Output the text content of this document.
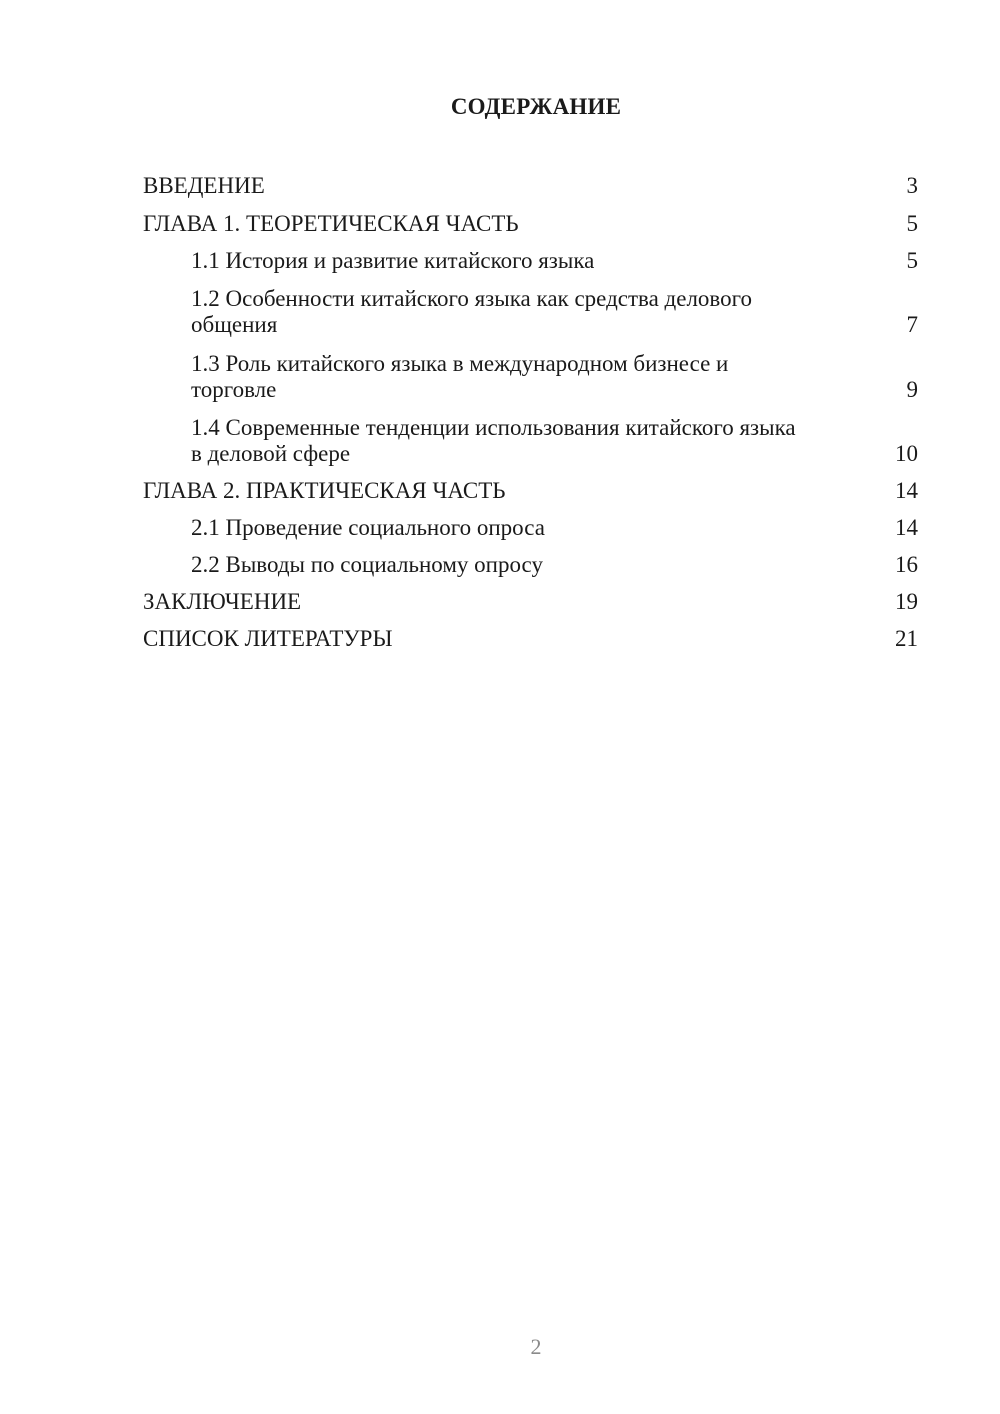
СОДЕРЖАНИЕ
ВВЕДЕНИЕ	3
ГЛАВА 1. ТЕОРЕТИЧЕСКАЯ ЧАСТЬ	5
1.1 История и развитие китайского языка	5
1.2 Особенности китайского языка как средства делового общения	7
1.3 Роль китайского языка в международном бизнесе и торговле	9
1.4 Современные тенденции использования китайского языка в деловой сфере	10
ГЛАВА 2. ПРАКТИЧЕСКАЯ ЧАСТЬ	14
2.1 Проведение социального опроса	14
2.2 Выводы по социальному опросу	16
ЗАКЛЮЧЕНИЕ	19
СПИСОК ЛИТЕРАТУРЫ	21
2
